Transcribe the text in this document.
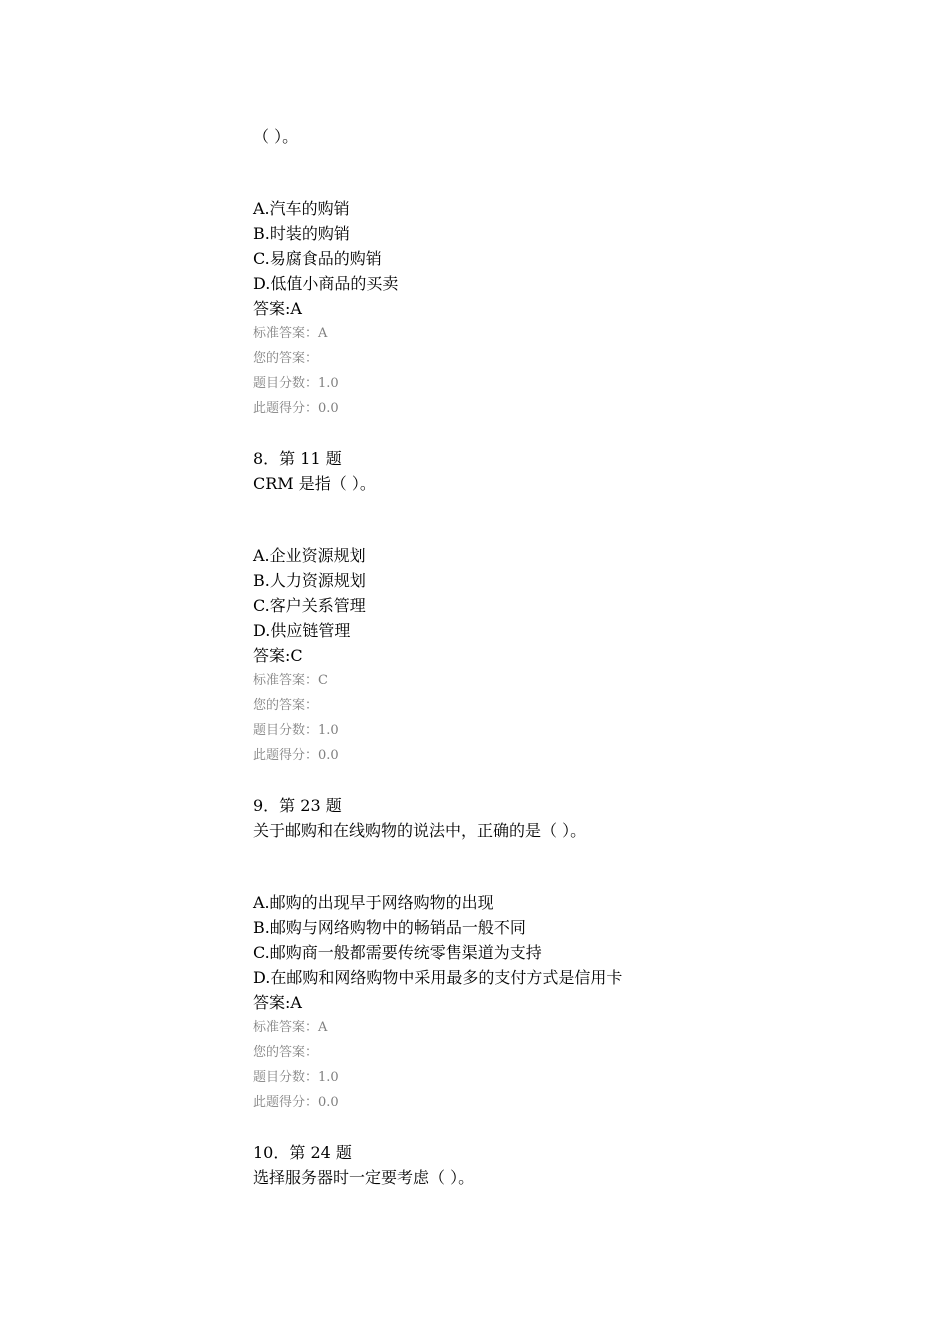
（ ）。
A.汽车的购销
B.时装的购销
C.易腐食品的购销
D.低值小商品的买卖
答案:A
标准答案：A
您的答案：
题目分数：1.0
此题得分：0.0
8．第 11 题
CRM 是指（ ）。
A.企业资源规划
B.人力资源规划
C.客户关系管理
D.供应链管理
答案:C
标准答案：C
您的答案：
题目分数：1.0
此题得分：0.0
9．第 23 题
关于邮购和在线购物的说法中，正确的是（ ）。
A.邮购的出现早于网络购物的出现
B.邮购与网络购物中的畅销品一般不同
C.邮购商一般都需要传统零售渠道为支持
D.在邮购和网络购物中采用最多的支付方式是信用卡
答案:A
标准答案：A
您的答案：
题目分数：1.0
此题得分：0.0
10．第 24 题
选择服务器时一定要考虑（ ）。
